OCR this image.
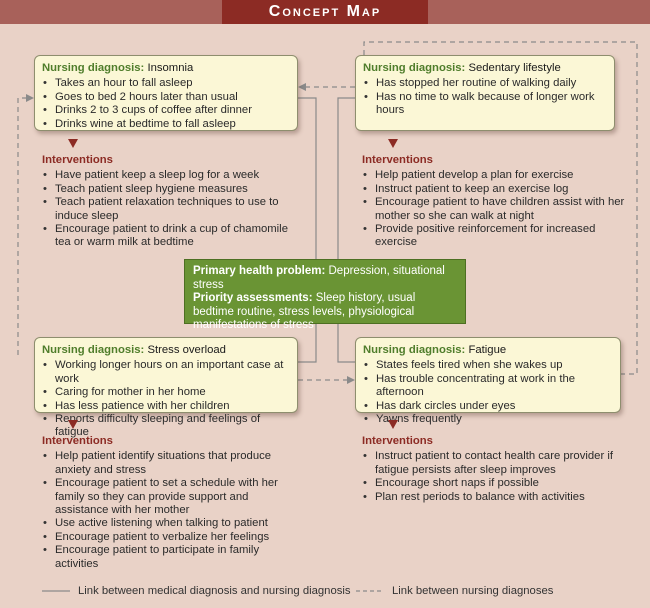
Concept Map
Nursing diagnosis: Insomnia
• Takes an hour to fall asleep
• Goes to bed 2 hours later than usual
• Drinks 2 to 3 cups of coffee after dinner
• Drinks wine at bedtime to fall asleep
Interventions
• Have patient keep a sleep log for a week
• Teach patient sleep hygiene measures
• Teach patient relaxation techniques to use to induce sleep
• Encourage patient to drink a cup of chamomile tea or warm milk at bedtime
Nursing diagnosis: Sedentary lifestyle
• Has stopped her routine of walking daily
• Has no time to walk because of longer work hours
Interventions
• Help patient develop a plan for exercise
• Instruct patient to keep an exercise log
• Encourage patient to have children assist with her mother so she can walk at night
• Provide positive reinforcement for increased exercise
Primary health problem: Depression, situational stress
Priority assessments: Sleep history, usual bedtime routine, stress levels, physiological manifestations of stress
Nursing diagnosis: Stress overload
• Working longer hours on an important case at work
• Caring for mother in her home
• Has less patience with her children
• Reports difficulty sleeping and feelings of fatigue
Interventions
• Help patient identify situations that produce anxiety and stress
• Encourage patient to set a schedule with her family so they can provide support and assistance with her mother
• Use active listening when talking to patient
• Encourage patient to verbalize her feelings
• Encourage patient to participate in family activities
Nursing diagnosis: Fatigue
• States feels tired when she wakes up
• Has trouble concentrating at work in the afternoon
• Has dark circles under eyes
• Yawns frequently
Interventions
• Instruct patient to contact health care provider if fatigue persists after sleep improves
• Encourage short naps if possible
• Plan rest periods to balance with activities
Link between medical diagnosis and nursing diagnosis	Link between nursing diagnoses
